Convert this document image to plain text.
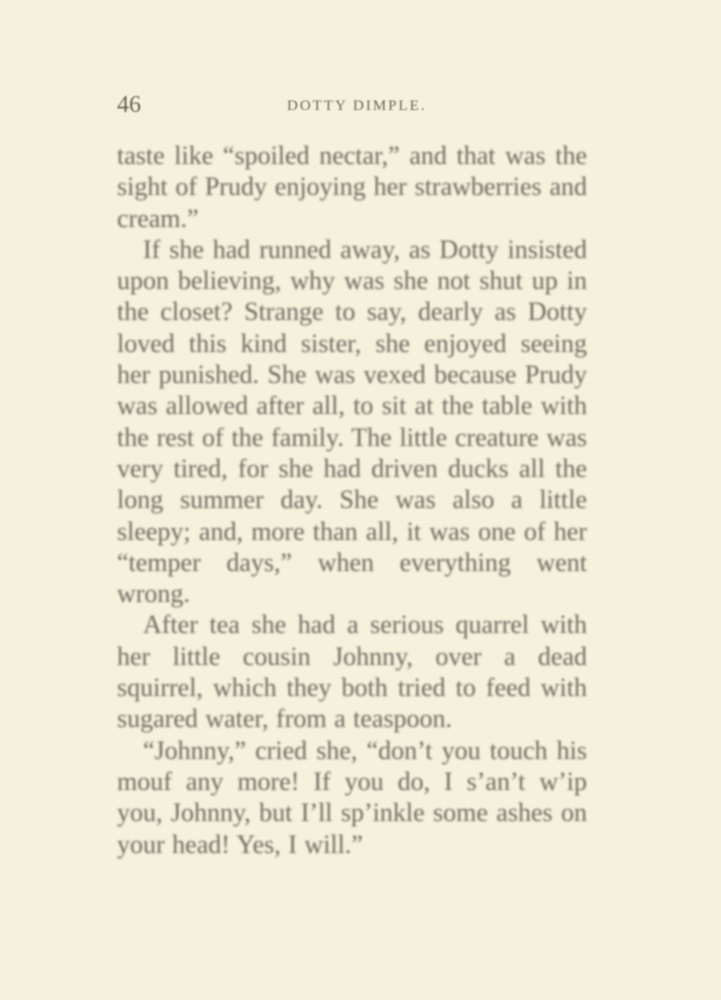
46	DOTTY DIMPLE.

taste like “spoiled nectar,” and that was the sight of Prudy enjoying her strawberries and cream.”

If she had runned away, as Dotty insisted upon believing, why was she not shut up in the closet? Strange to say, dearly as Dotty loved this kind sister, she enjoyed seeing her punished. She was vexed because Prudy was allowed after all, to sit at the table with the rest of the family. The little creature was very tired, for she had driven ducks all the long summer day. She was also a little sleepy; and, more than all, it was one of her “temper days,” when everything went wrong.

After tea she had a serious quarrel with her little cousin Johnny, over a dead squirrel, which they both tried to feed with sugared water, from a teaspoon.

“Johnny,” cried she, “don’t you touch his mouf any more! If you do, I s’an’t w’ip you, Johnny, but I’ll sp’inkle some ashes on your head! Yes, I will.”
